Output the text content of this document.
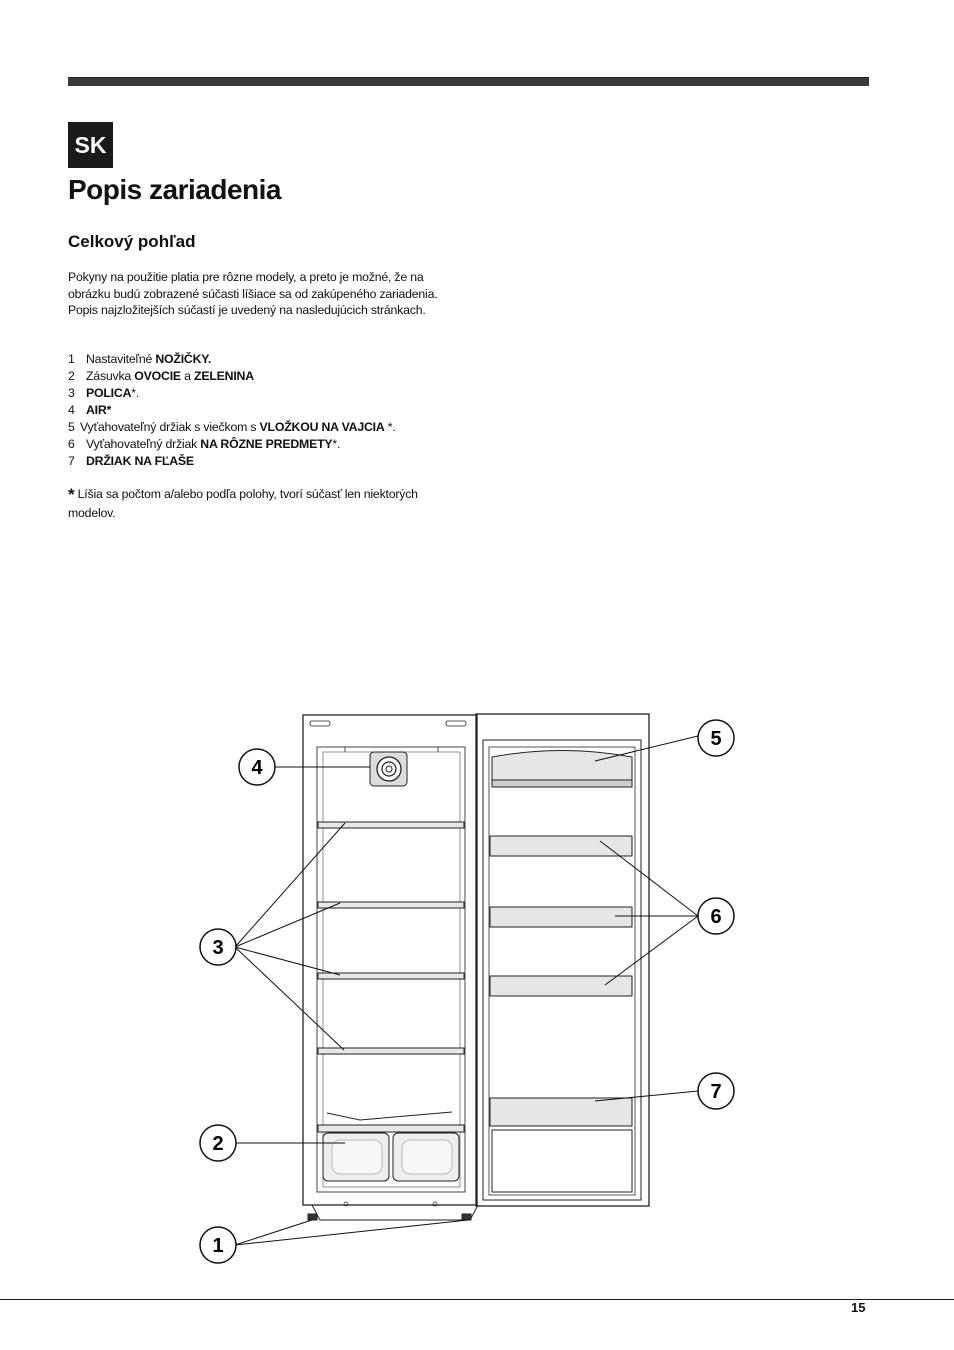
SK
Popis zariadenia
Celkový pohľad

Pokyny na použitie platia pre rôzne modely, a preto je možné, že na obrázku budú zobrazené súčasti líšiace sa od zakúpeného zariadenia. Popis najzložitejších súčastí je uvedený na nasledujúcich stránkach.

1 Nastaviteľné NOŽIČKY.
2 Zásuvka OVOCIE a ZELENINA
3 POLICA*.
4 AIR*
5 Vyťahovateľný držiak s viečkom s VLOŽKOU NA VAJCIA *.
6 Vyťahovateľný držiak NA RÔZNE PREDMETY*.
7 DRŽIAK NA FĽAŠE

* Líšia sa počtom a/alebo podľa polohy, tvorí súčasť len niektorých modelov.

4
3
2
1
5
6
7
15
